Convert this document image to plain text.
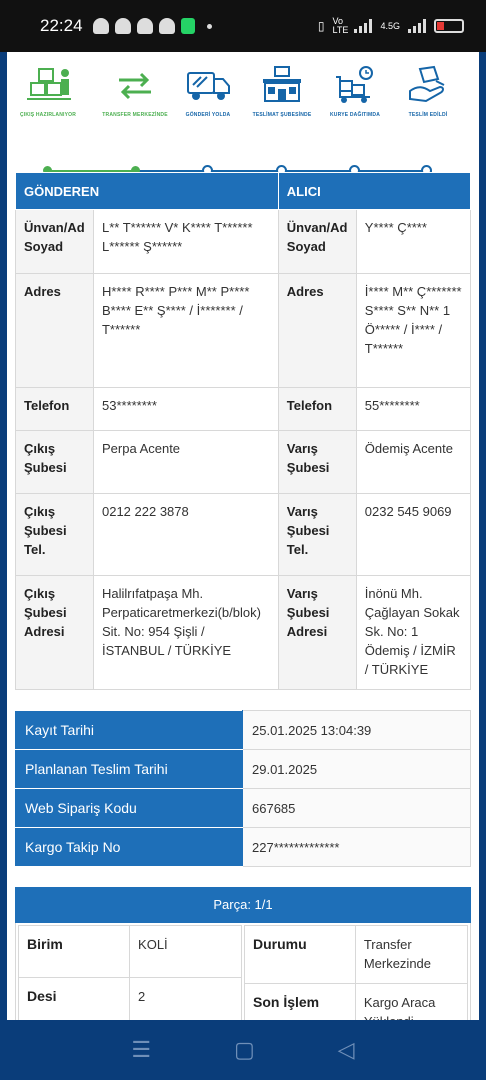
22:24	▯ Vo LTE	4.5G
ÇIKIŞ HAZIRLANIYOR	TRANSFER MERKEZİNDE	GÖNDERİ YOLDA	TESLİMAT ŞUBESİNDE	KURYE DAĞITIMDA	TESLİM EDİLDİ
GÖNDEREN		ALICI	
Ünvan/Ad Soyad	L** T****** V* K**** T****** L****** Ş******	Ünvan/Ad Soyad	Y**** Ç****
Adres	H**** R**** P*** M** P**** B**** E** Ş**** / İ******* / T******	Adres	İ**** M** Ç******* S**** S** N** 1 Ö***** / İ**** / T******
Telefon	53********	Telefon	55********
Çıkış Şubesi	Perpa Acente	Varış Şubesi	Ödemiş Acente
Çıkış Şubesi Tel.	0212 222 3878	Varış Şubesi Tel.	0232 545 9069
Çıkış Şubesi Adresi	Halilrıfatpaşa Mh. Perpaticaretmerkezi(b/blok) Sit. No: 954 Şişli / İSTANBUL / TÜRKİYE	Varış Şubesi Adresi	İnönü Mh. Çağlayan Sokak Sk. No: 1 Ödemiş / İZMİR / TÜRKİYE
Kayıt Tarihi	25.01.2025 13:04:39
Planlanan Teslim Tarihi	29.01.2025
Web Sipariş Kodu	667685
Kargo Takip No	227*************
Parça: 1/1
Birim	KOLİ
Desi	2
Durumu	Transfer Merkezinde
Son İşlem	Kargo Araca
☰	▢	◁
